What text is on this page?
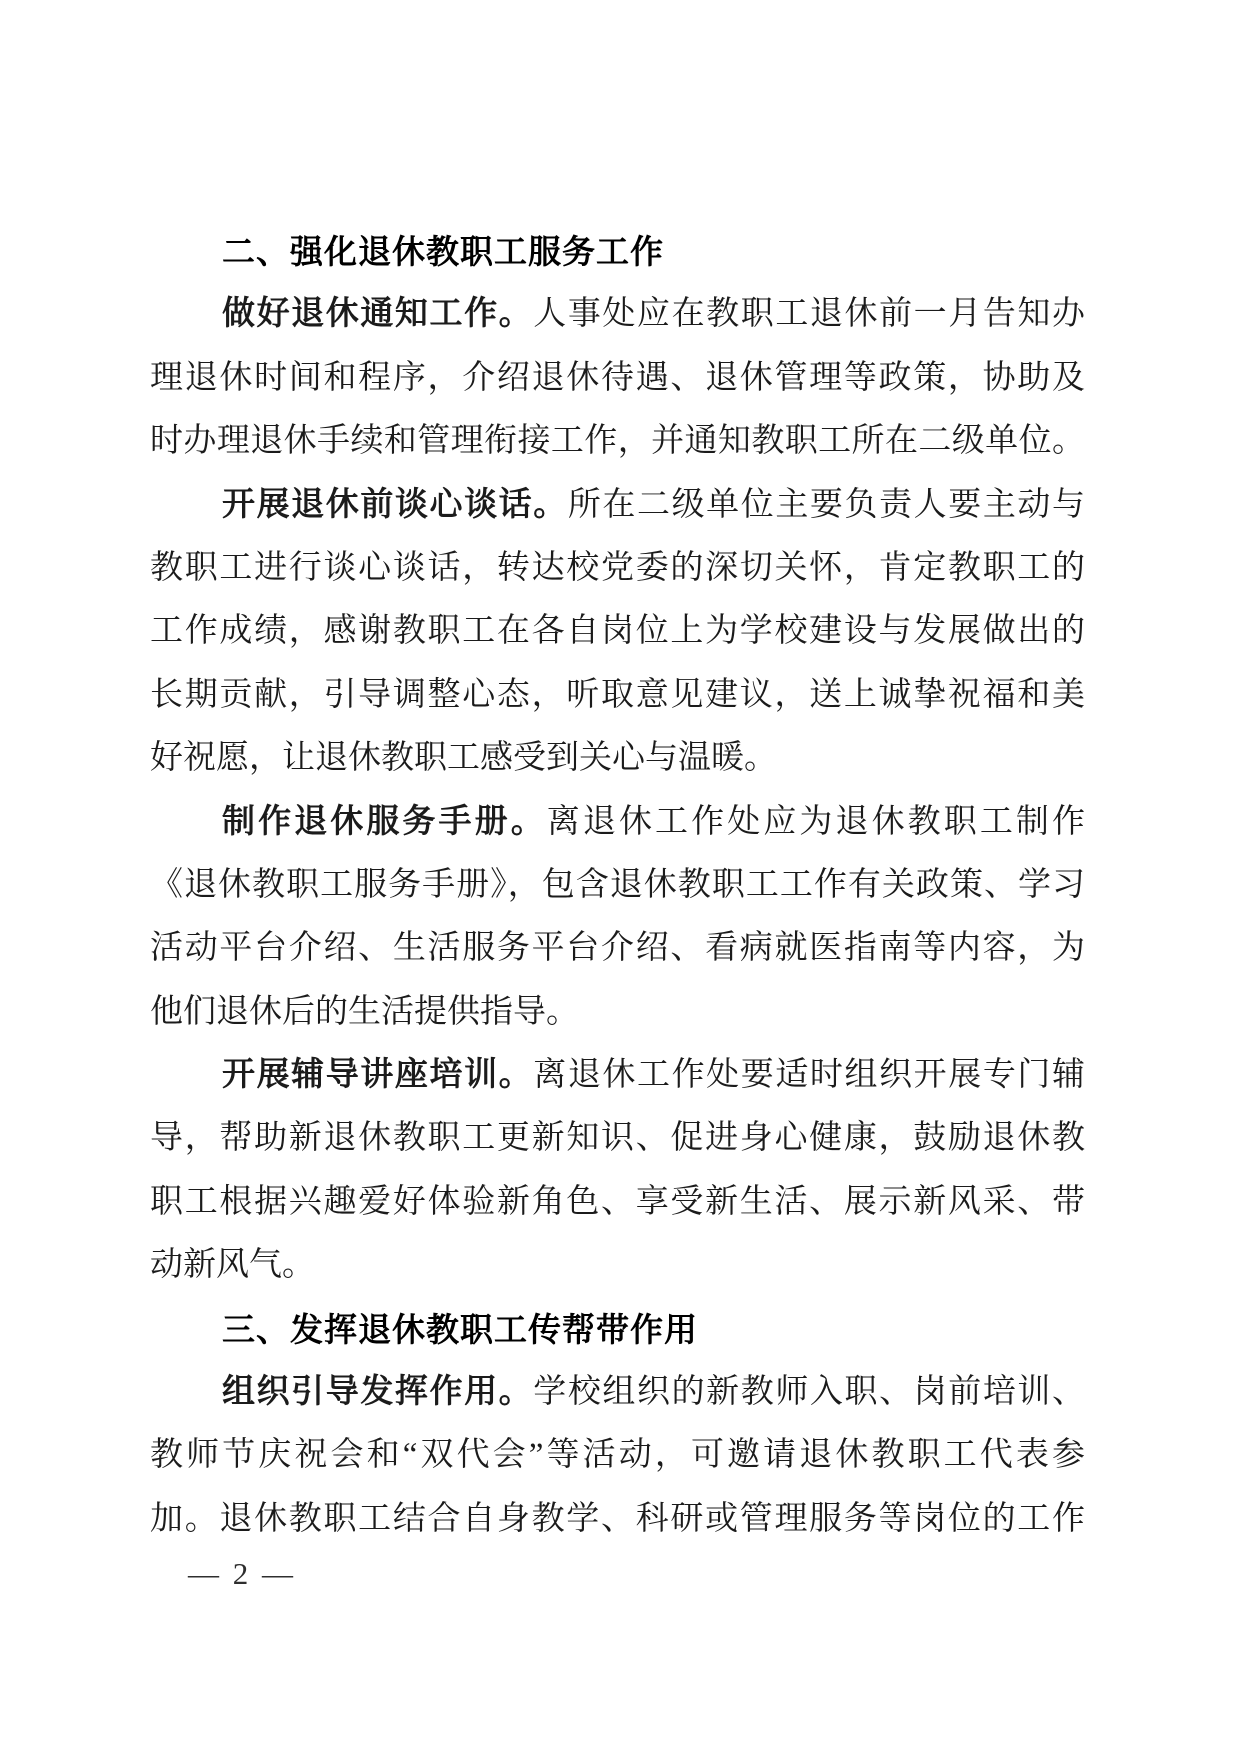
二、强化退休教职工服务工作
做好退休通知工作。人事处应在教职工退休前一月告知办
理退休时间和程序，介绍退休待遇、退休管理等政策，协助及
时办理退休手续和管理衔接工作，并通知教职工所在二级单位。
开展退休前谈心谈话。所在二级单位主要负责人要主动与
教职工进行谈心谈话，转达校党委的深切关怀，肯定教职工的
工作成绩，感谢教职工在各自岗位上为学校建设与发展做出的
长期贡献，引导调整心态，听取意见建议，送上诚挚祝福和美
好祝愿，让退休教职工感受到关心与温暖。
制作退休服务手册。离退休工作处应为退休教职工制作
《退休教职工服务手册》，包含退休教职工工作有关政策、学习
活动平台介绍、生活服务平台介绍、看病就医指南等内容，为
他们退休后的生活提供指导。
开展辅导讲座培训。离退休工作处要适时组织开展专门辅
导，帮助新退休教职工更新知识、促进身心健康，鼓励退休教
职工根据兴趣爱好体验新角色、享受新生活、展示新风采、带
动新风气。
三、发挥退休教职工传帮带作用
组织引导发挥作用。学校组织的新教师入职、岗前培训、
教师节庆祝会和“双代会”等活动，可邀请退休教职工代表参
加。退休教职工结合自身教学、科研或管理服务等岗位的工作
— 2 —
